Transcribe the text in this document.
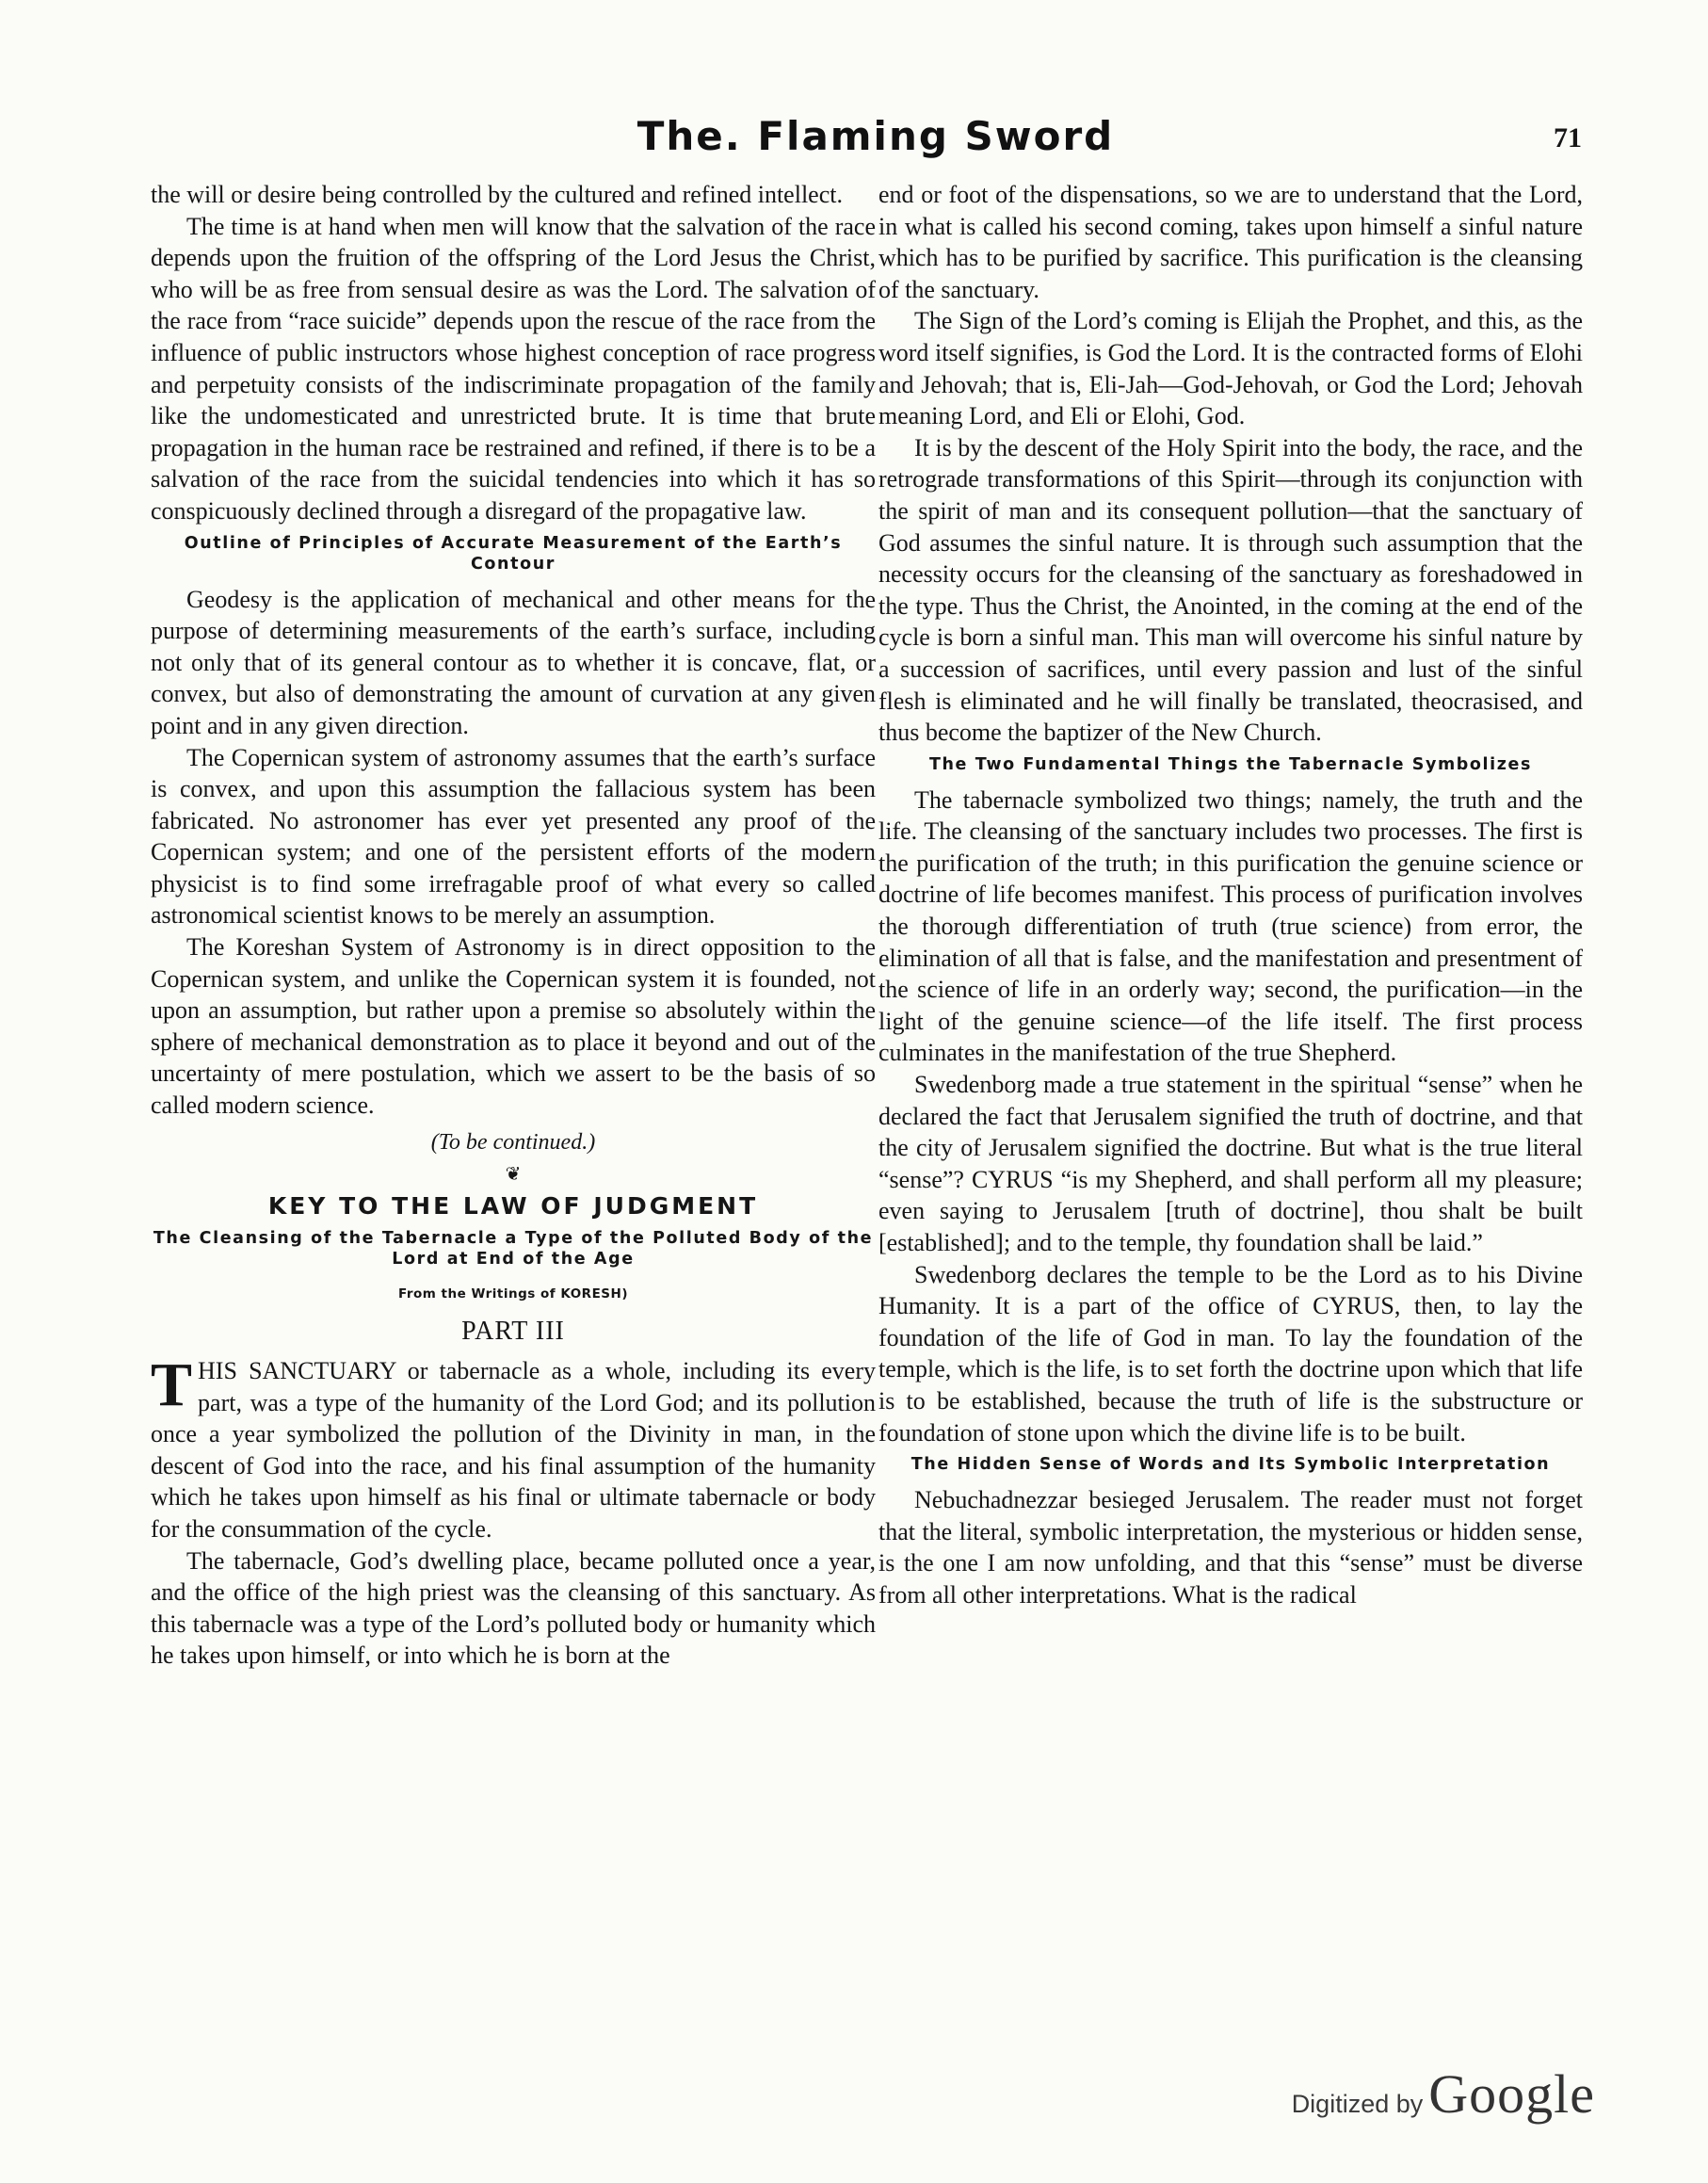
The. Flaming Sword	71

the will or desire being controlled by the cultured and refined intellect.

The time is at hand when men will know that the salvation of the race depends upon the fruition of the offspring of the Lord Jesus the Christ, who will be as free from sensual desire as was the Lord. The salvation of the race from “race suicide” depends upon the rescue of the race from the influence of public instructors whose highest conception of race progress and perpetuity consists of the indiscriminate propagation of the family like the undomesticated and unrestricted brute. It is time that brute propagation in the human race be restrained and refined, if there is to be a salvation of the race from the suicidal tendencies into which it has so conspicuously declined through a disregard of the propagative law.

Outline of Principles of Accurate Measurement of the Earth’s Contour

Geodesy is the application of mechanical and other means for the purpose of determining measurements of the earth’s surface, including not only that of its general contour as to whether it is concave, flat, or convex, but also of demonstrating the amount of curvation at any given point and in any given direction.

The Copernican system of astronomy assumes that the earth’s surface is convex, and upon this assumption the fallacious system has been fabricated. No astronomer has ever yet presented any proof of the Copernican system; and one of the persistent efforts of the modern physicist is to find some irrefragable proof of what every so called astronomical scientist knows to be merely an assumption.

The Koreshan System of Astronomy is in direct opposition to the Copernican system, and unlike the Copernican system it is founded, not upon an assumption, but rather upon a premise so absolutely within the sphere of mechanical demonstration as to place it beyond and out of the uncertainty of mere postulation, which we assert to be the basis of so called modern science.

(To be continued.)
❦
KEY TO THE LAW OF JUDGMENT
The Cleansing of the Tabernacle a Type of the Polluted Body of the Lord at End of the Age
From the Writings of KORESH)
PART III

THIS SANCTUARY or tabernacle as a whole, including its every part, was a type of the humanity of the Lord God; and its pollution once a year symbolized the pollution of the Divinity in man, in the descent of God into the race, and his final assumption of the humanity which he takes upon himself as his final or ultimate tabernacle or body for the consummation of the cycle.

The tabernacle, God’s dwelling place, became polluted once a year, and the office of the high priest was the cleansing of this sanctuary. As this tabernacle was a type of the Lord’s polluted body or humanity which he takes upon himself, or into which he is born at the

end or foot of the dispensations, so we are to understand that the Lord, in what is called his second coming, takes upon himself a sinful nature which has to be purified by sacrifice. This purification is the cleansing of the sanctuary.

The Sign of the Lord’s coming is Elijah the Prophet, and this, as the word itself signifies, is God the Lord. It is the contracted forms of Elohi and Jehovah; that is, Eli-Jah—God-Jehovah, or God the Lord; Jehovah meaning Lord, and Eli or Elohi, God.

It is by the descent of the Holy Spirit into the body, the race, and the retrograde transformations of this Spirit—through its conjunction with the spirit of man and its consequent pollution—that the sanctuary of God assumes the sinful nature. It is through such assumption that the necessity occurs for the cleansing of the sanctuary as foreshadowed in the type. Thus the Christ, the Anointed, in the coming at the end of the cycle is born a sinful man. This man will overcome his sinful nature by a succession of sacrifices, until every passion and lust of the sinful flesh is eliminated and he will finally be translated, theocrasised, and thus become the baptizer of the New Church.

The Two Fundamental Things the Tabernacle Symbolizes

The tabernacle symbolized two things; namely, the truth and the life. The cleansing of the sanctuary includes two processes. The first is the purification of the truth; in this purification the genuine science or doctrine of life becomes manifest. This process of purification involves the thorough differentiation of truth (true science) from error, the elimination of all that is false, and the manifestation and presentment of the science of life in an orderly way; second, the purification—in the light of the genuine science—of the life itself. The first process culminates in the manifestation of the true Shepherd.

Swedenborg made a true statement in the spiritual “sense” when he declared the fact that Jerusalem signified the truth of doctrine, and that the city of Jerusalem signified the doctrine. But what is the true literal “sense”? CYRUS “is my Shepherd, and shall perform all my pleasure; even saying to Jerusalem [truth of doctrine], thou shalt be built [established]; and to the temple, thy foundation shall be laid.”

Swedenborg declares the temple to be the Lord as to his Divine Humanity. It is a part of the office of CYRUS, then, to lay the foundation of the life of God in man. To lay the foundation of the temple, which is the life, is to set forth the doctrine upon which that life is to be established, because the truth of life is the substructure or foundation of stone upon which the divine life is to be built.

The Hidden Sense of Words and Its Symbolic Interpretation

Nebuchadnezzar besieged Jerusalem. The reader must not forget that the literal, symbolic interpretation, the mysterious or hidden sense, is the one I am now unfolding, and that this “sense” must be diverse from all other interpretations. What is the radical

Digitized by Google
